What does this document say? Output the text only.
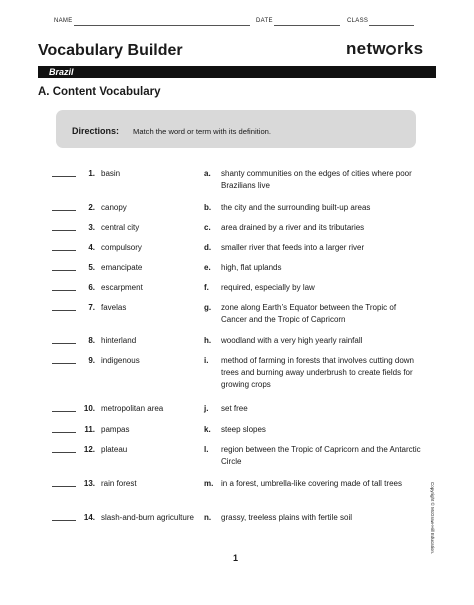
NAME	DATE	CLASS
Vocabulary Builder	netw rks
Brazil
A. Content Vocabulary
Directions: Match the word or term with its definition.
1. basin	a. shanty communities on the edges of cities where poor Brazilians live
2. canopy	b. the city and the surrounding built-up areas
3. central city	c. area drained by a river and its tributaries
4. compulsory	d. smaller river that feeds into a larger river
5. emancipate	e. high, flat uplands
6. escarpment	f. required, especially by law
7. favelas	g. zone along Earth’s Equator between the Tropic of Cancer and the Tropic of Capricorn
8. hinterland	h. woodland with a very high yearly rainfall
9. indigenous	i. method of farming in forests that involves cutting down trees and burning away underbrush to create fields for growing crops
10. metropolitan area	j. set free
11. pampas	k. steep slopes
12. plateau	l. region between the Tropic of Capricorn and the Antarctic Circle
13. rain forest	m. in a forest, umbrella-like covering made of tall trees
14. slash-and-burn agriculture n. grassy, treeless plains with fertile soil	Copyright © McGraw-Hill Education.
1
